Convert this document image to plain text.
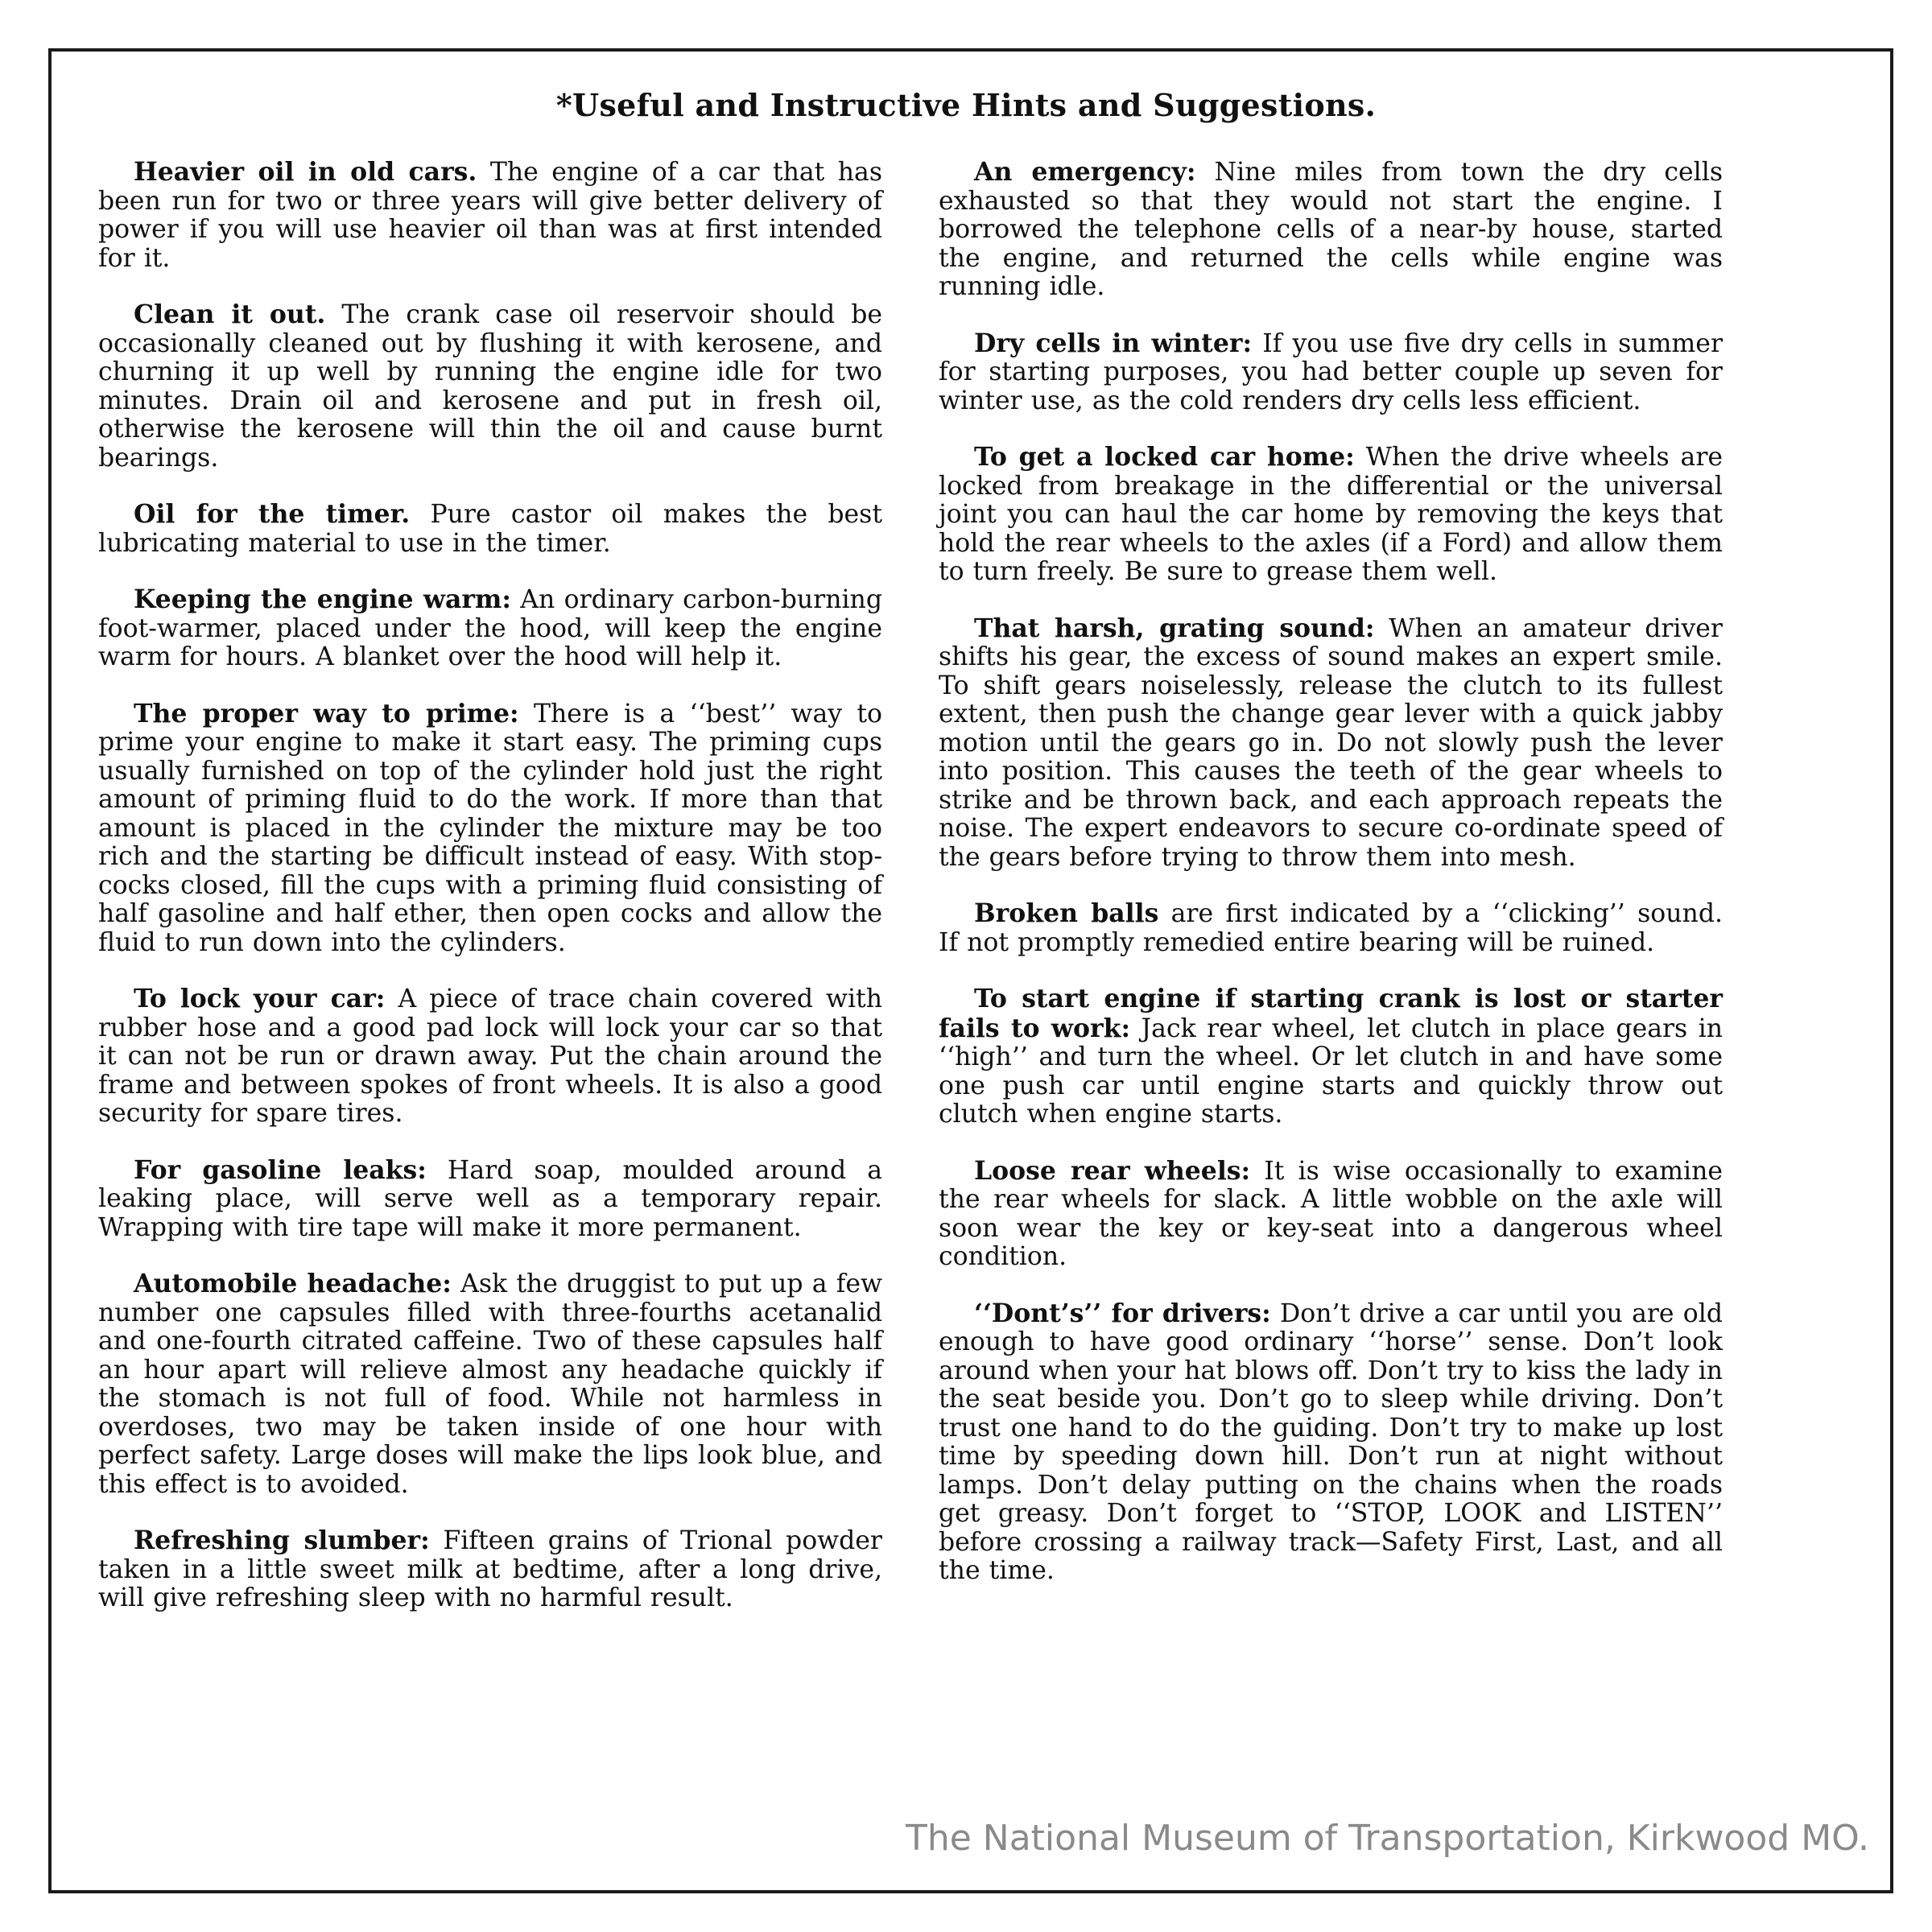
*Useful and Instructive Hints and Suggestions.

Heavier oil in old cars. The engine of a car that has been run for two or three years will give better delivery of power if you will use heavier oil than was at first intended for it.

Clean it out. The crank case oil reservoir should be occasionally cleaned out by flushing it with kerosene, and churning it up well by running the engine idle for two minutes. Drain oil and kerosene and put in fresh oil, otherwise the kerosene will thin the oil and cause burnt bearings.

Oil for the timer. Pure castor oil makes the best lubricating material to use in the timer.

Keeping the engine warm: An ordinary carbon-burning foot-warmer, placed under the hood, will keep the engine warm for hours. A blanket over the hood will help it.

The proper way to prime: There is a ‘‘best’’ way to prime your engine to make it start easy. The priming cups usually furnished on top of the cylinder hold just the right amount of priming fluid to do the work. If more than that amount is placed in the cylinder the mixture may be too rich and the starting be difficult instead of easy. With stop-cocks closed, fill the cups with a priming fluid consisting of half gasoline and half ether, then open cocks and allow the fluid to run down into the cylinders.

To lock your car: A piece of trace chain covered with rubber hose and a good pad lock will lock your car so that it can not be run or drawn away. Put the chain around the frame and between spokes of front wheels. It is also a good security for spare tires.

For gasoline leaks: Hard soap, moulded around a leaking place, will serve well as a temporary repair. Wrapping with tire tape will make it more permanent.

Automobile headache: Ask the druggist to put up a few number one capsules filled with three-fourths acetanalid and one-fourth citrated caffeine. Two of these capsules half an hour apart will relieve almost any headache quickly if the stomach is not full of food. While not harmless in overdoses, two may be taken inside of one hour with perfect safety. Large doses will make the lips look blue, and this effect is to avoided.

Refreshing slumber: Fifteen grains of Trional powder taken in a little sweet milk at bedtime, after a long drive, will give refreshing sleep with no harmful result.

An emergency: Nine miles from town the dry cells exhausted so that they would not start the engine. I borrowed the telephone cells of a near-by house, started the engine, and returned the cells while engine was running idle.

Dry cells in winter: If you use five dry cells in summer for starting purposes, you had better couple up seven for winter use, as the cold renders dry cells less efficient.

To get a locked car home: When the drive wheels are locked from breakage in the differential or the universal joint you can haul the car home by removing the keys that hold the rear wheels to the axles (if a Ford) and allow them to turn freely. Be sure to grease them well.

That harsh, grating sound: When an amateur driver shifts his gear, the excess of sound makes an expert smile. To shift gears noiselessly, release the clutch to its fullest extent, then push the change gear lever with a quick jabby motion until the gears go in. Do not slowly push the lever into position. This causes the teeth of the gear wheels to strike and be thrown back, and each approach repeats the noise. The expert endeavors to secure co-ordinate speed of the gears before trying to throw them into mesh.

Broken balls are first indicated by a ‘‘clicking’’ sound. If not promptly remedied entire bearing will be ruined.

To start engine if starting crank is lost or starter fails to work: Jack rear wheel, let clutch in place gears in ‘‘high’’ and turn the wheel. Or let clutch in and have some one push car until engine starts and quickly throw out clutch when engine starts.

Loose rear wheels: It is wise occasionally to examine the rear wheels for slack. A little wobble on the axle will soon wear the key or key-seat into a dangerous wheel condition.

‘‘Dont’s’’ for drivers: Don’t drive a car until you are old enough to have good ordinary ‘‘horse’’ sense. Don’t look around when your hat blows off. Don’t try to kiss the lady in the seat beside you. Don’t go to sleep while driving. Don’t trust one hand to do the guiding. Don’t try to make up lost time by speeding down hill. Don’t run at night without lamps. Don’t delay putting on the chains when the roads get greasy. Don’t forget to ‘‘STOP, LOOK and LISTEN’’ before crossing a railway track—Safety First, Last, and all the time.

The National Museum of Transportation, Kirkwood MO.
